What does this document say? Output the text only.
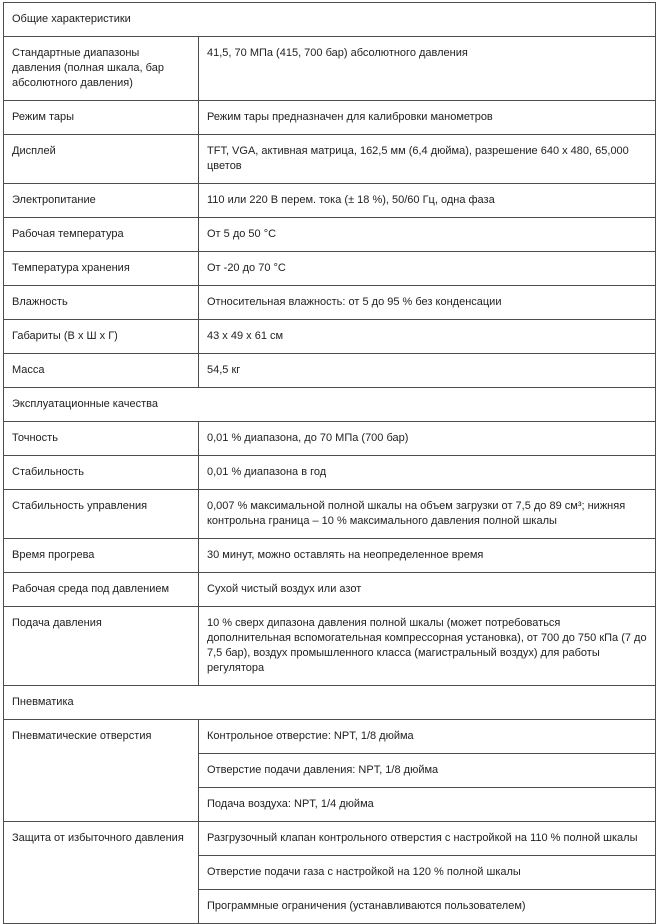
Общие характеристики	
Стандартные диапазоны давления (полная шкала, бар абсолютного давления)	41,5, 70 МПа (415, 700 бар) абсолютного давления
Режим тары	Режим тары предназначен для калибровки манометров
Дисплей	TFT, VGA, активная матрица, 162,5 мм (6,4 дюйма), разрешение 640 x 480, 65,000 цветов
Электропитание	110 или 220 В перем. тока (± 18 %), 50/60 Гц, одна фаза
Рабочая температура	От 5 до 50 °C
Температура хранения	От -20 до 70 °C
Влажность	Относительная влажность: от 5 до 95 % без конденсации
Габариты (В x Ш x Г)	43 x 49 x 61 см
Масса	54,5 кг
Эксплуатационные качества	
Точность	0,01 % диапазона, до 70 МПа (700 бар)
Стабильность	0,01 % диапазона в год
Стабильность управления	0,007 % максимальной полной шкалы на объем загрузки от 7,5 до 89 см³; нижняя контрольна граница – 10 % максимального давления полной шкалы
Время прогрева	30 минут, можно оставлять на неопределенное время
Рабочая среда под давлением	Сухой чистый воздух или азот
Подача давления	10 % сверх дипазона давления полной шкалы (может потребоваться дополнительная вспомогательная компрессорная установка), от 700 до 750 кПа (7 до 7,5 бар), воздух промышленного класса (магистральный воздух) для работы регулятора
Пневматика	
Пневматические отверстия	Контрольное отверстие: NPT, 1/8 дюйма
	Отверстие подачи давления: NPT, 1/8 дюйма
	Подача воздуха: NPT, 1/4 дюйма
Защита от избыточного давления	Разгрузочный клапан контрольного отверстия с настройкой на 110 % полной шкалы
	Отверстие подачи газа с настройкой на 120 % полной шкалы
	Программные ограничения (устанавливаются пользователем)
